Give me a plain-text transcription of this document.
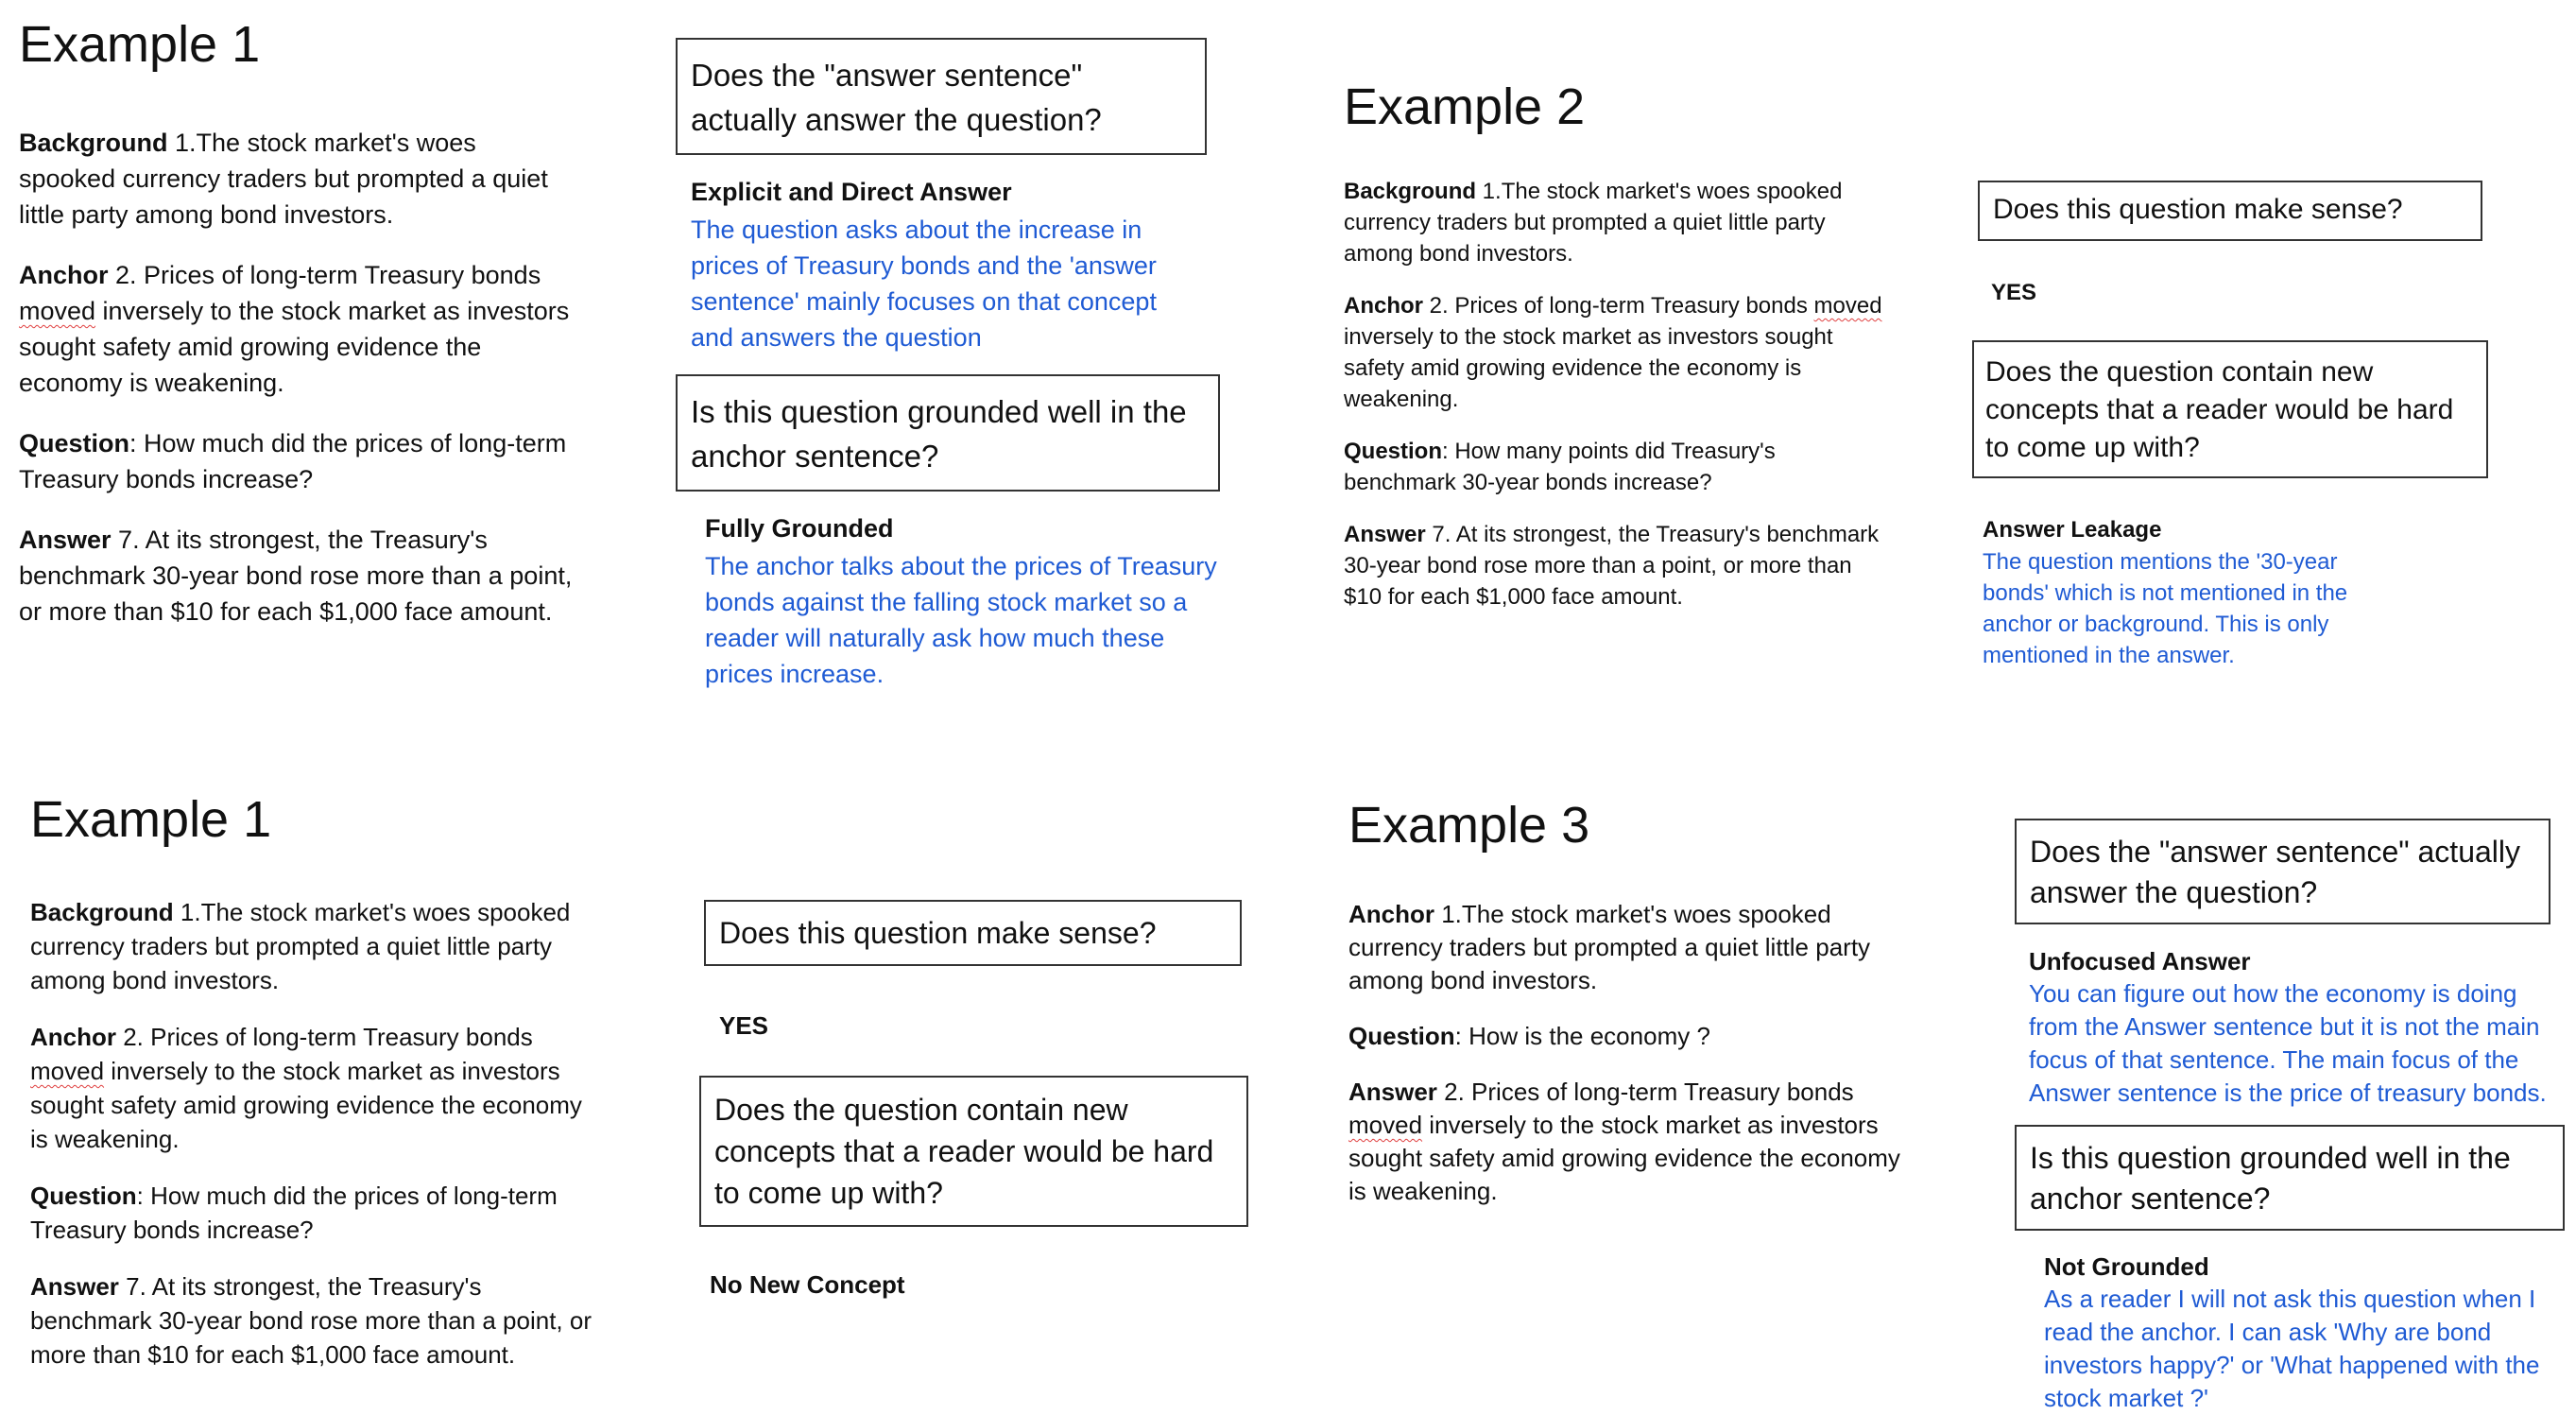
Example 1

Background 1.The stock market's woes spooked currency traders but prompted a quiet little party among bond investors.

Anchor 2. Prices of long-term Treasury bonds moved inversely to the stock market as investors sought safety amid growing evidence the economy is weakening.

Question: How much did the prices of long-term Treasury bonds increase?

Answer 7. At its strongest, the Treasury's benchmark 30-year bond rose more than a point, or more than $10 for each $1,000 face amount.

Does the "answer sentence" actually answer the question?
Explicit and Direct Answer
The question asks about the increase in prices of Treasury bonds and the 'answer sentence' mainly focuses on that concept and answers the question
Is this question grounded well in the anchor sentence?
Fully Grounded
The anchor talks about the prices of Treasury bonds against the falling stock market so a reader will naturally ask how much these prices increase.
Example 2

Background 1.The stock market's woes spooked currency traders but prompted a quiet little party among bond investors.

Anchor 2. Prices of long-term Treasury bonds moved inversely to the stock market as investors sought safety amid growing evidence the economy is weakening.

Question: How many points did Treasury's benchmark 30-year bonds increase?

Answer 7. At its strongest, the Treasury's benchmark 30-year bond rose more than a point, or more than $10 for each $1,000 face amount.

Does this question make sense?
YES
Does the question contain new concepts that a reader would be hard to come up with?
Answer Leakage
The question mentions the '30-year bonds' which is not mentioned in the anchor or background. This is only mentioned in the answer.
Example 1

Background 1.The stock market's woes spooked currency traders but prompted a quiet little party among bond investors.

Anchor 2. Prices of long-term Treasury bonds moved inversely to the stock market as investors sought safety amid growing evidence the economy is weakening.

Question: How much did the prices of long-term Treasury bonds increase?

Answer 7. At its strongest, the Treasury's benchmark 30-year bond rose more than a point, or more than $10 for each $1,000 face amount.

Does this question make sense?
YES
Does the question contain new concepts that a reader would be hard to come up with?
No New Concept
Example 3

Anchor 1.The stock market's woes spooked currency traders but prompted a quiet little party among bond investors.

Question: How is the economy ?

Answer 2. Prices of long-term Treasury bonds moved inversely to the stock market as investors sought safety amid growing evidence the economy is weakening.

Does the "answer sentence" actually answer the question?
Unfocused Answer
You can figure out how the economy is doing from the Answer sentence but it is not the main focus of that sentence. The main focus of the Answer sentence is the price of treasury bonds.
Is this question grounded well in the anchor sentence?
Not Grounded
As a reader I will not ask this question when I read the anchor. I can ask 'Why are bond investors happy?' or 'What happened with the stock market ?'
